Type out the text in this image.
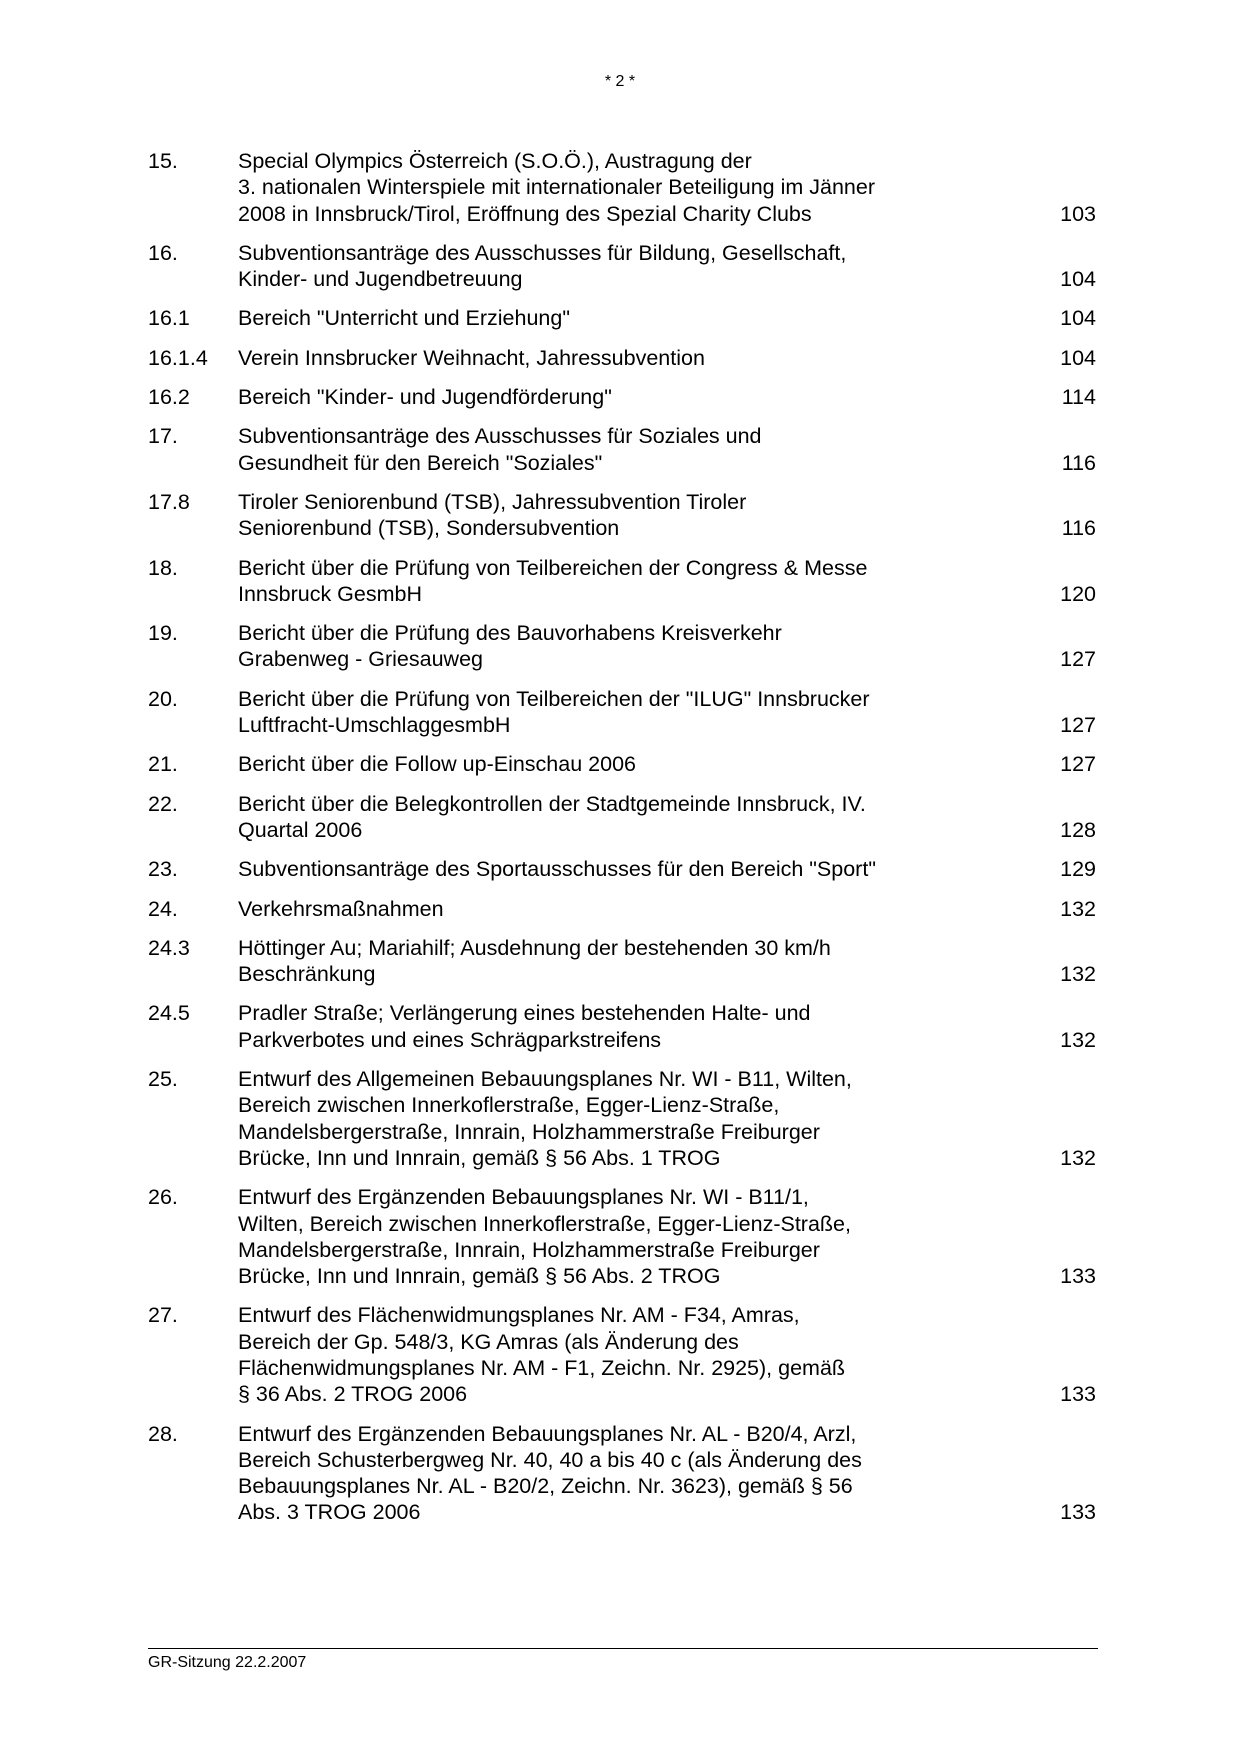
* 2 *
15.	Special Olympics Österreich (S.O.Ö.), Austragung der
3. nationalen Winterspiele mit internationaler Beteiligung im Jänner
2008 in Innsbruck/Tirol, Eröffnung des Spezial Charity Clubs	103
16.	Subventionsanträge des Ausschusses für Bildung, Gesellschaft,
Kinder- und Jugendbetreuung	104
16.1 Bereich "Unterricht und Erziehung"	104
16.1.4 Verein Innsbrucker Weihnacht, Jahressubvention	104
16.2 Bereich "Kinder- und Jugendförderung"	114
17.	Subventionsanträge des Ausschusses für Soziales und
Gesundheit für den Bereich "Soziales"	116
17.8 Tiroler Seniorenbund (TSB), Jahressubvention Tiroler
Seniorenbund (TSB), Sondersubvention	116
18.	Bericht über die Prüfung von Teilbereichen der Congress & Messe
Innsbruck GesmbH	120
19.	Bericht über die Prüfung des Bauvorhabens Kreisverkehr
Grabenweg - Griesauweg	127
20.	Bericht über die Prüfung von Teilbereichen der "ILUG" Innsbrucker
Luftfracht-UmschlaggesmbH	127
21.	Bericht über die Follow up-Einschau 2006	127
22.	Bericht über die Belegkontrollen der Stadtgemeinde Innsbruck, IV.
Quartal 2006	128
23.	Subventionsanträge des Sportausschusses für den Bereich "Sport"	129
24.	Verkehrsmaßnahmen	132
24.3 Höttinger Au; Mariahilf; Ausdehnung der bestehenden 30 km/h
Beschränkung	132
24.5 Pradler Straße; Verlängerung eines bestehenden Halte- und
Parkverbotes und eines Schrägparkstreifens	132
25.	Entwurf des Allgemeinen Bebauungsplanes Nr. WI - B11, Wilten,
Bereich zwischen Innerkoflerstraße, Egger-Lienz-Straße,
Mandelsbergerstraße, Innrain, Holzhammerstraße Freiburger
Brücke, Inn und Innrain, gemäß § 56 Abs. 1 TROG	132
26.	Entwurf des Ergänzenden Bebauungsplanes Nr. WI - B11/1,
Wilten, Bereich zwischen Innerkoflerstraße, Egger-Lienz-Straße,
Mandelsbergerstraße, Innrain, Holzhammerstraße Freiburger
Brücke, Inn und Innrain, gemäß § 56 Abs. 2 TROG	133
27.	Entwurf des Flächenwidmungsplanes Nr. AM - F34, Amras,
Bereich der Gp. 548/3, KG Amras (als Änderung des
Flächenwidmungsplanes Nr. AM - F1, Zeichn. Nr. 2925), gemäß
§ 36 Abs. 2 TROG 2006	133
28.	Entwurf des Ergänzenden Bebauungsplanes Nr. AL - B20/4, Arzl,
Bereich Schusterbergweg Nr. 40, 40 a bis 40 c (als Änderung des
Bebauungsplanes Nr. AL - B20/2, Zeichn. Nr. 3623), gemäß § 56
Abs. 3 TROG 2006	133
GR-Sitzung 22.2.2007
